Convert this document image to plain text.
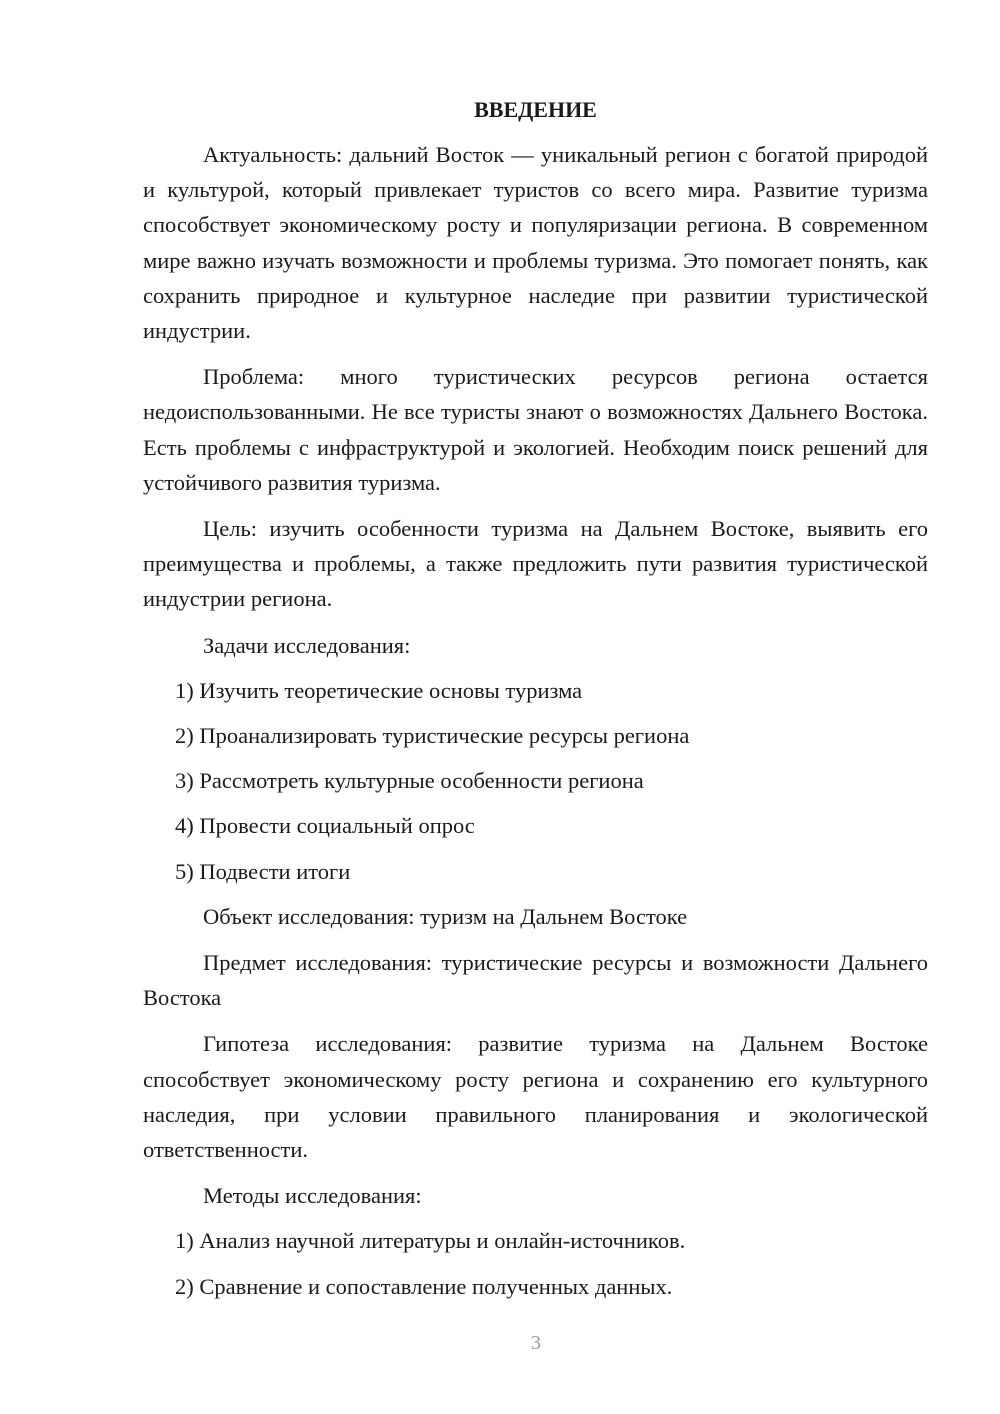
ВВЕДЕНИЕ

Актуальность: дальний Восток — уникальный регион с богатой природой и культурой, который привлекает туристов со всего мира. Развитие туризма способствует экономическому росту и популяризации региона. В современном мире важно изучать возможности и проблемы туризма. Это помогает понять, как сохранить природное и культурное наследие при развитии туристической индустрии.

Проблема: много туристических ресурсов региона остается недоиспользованными. Не все туристы знают о возможностях Дальнего Востока. Есть проблемы с инфраструктурой и экологией. Необходим поиск решений для устойчивого развития туризма.

Цель: изучить особенности туризма на Дальнем Востоке, выявить его преимущества и проблемы, а также предложить пути развития туристической индустрии региона.

Задачи исследования:

1) Изучить теоретические основы туризма

2) Проанализировать туристические ресурсы региона

3) Рассмотреть культурные особенности региона

4) Провести социальный опрос

5) Подвести итоги

Объект исследования: туризм на Дальнем Востоке

Предмет исследования: туристические ресурсы и возможности Дальнего Востока

Гипотеза исследования: развитие туризма на Дальнем Востоке способствует экономическому росту региона и сохранению его культурного наследия, при условии правильного планирования и экологической ответственности.

Методы исследования:

1) Анализ научной литературы и онлайн-источников.

2) Сравнение и сопоставление полученных данных.

3
